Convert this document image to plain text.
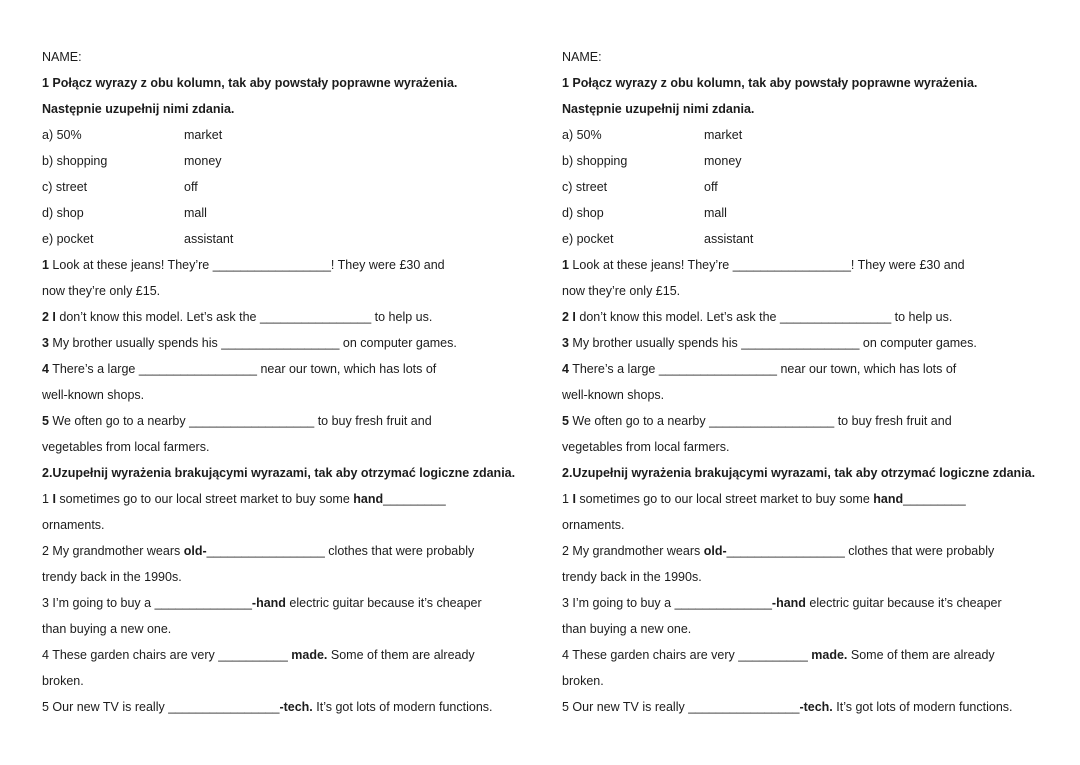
NAME:
1 Połącz wyrazy z obu kolumn, tak aby powstały poprawne wyrażenia.
Następnie uzupełnij nimi zdania.
a) 50%	market
b) shopping	money
c) street	off
d) shop	mall
e) pocket	assistant
1 Look at these jeans! They’re _________________! They were £30 and
now they’re only £15.
2 I don’t know this model. Let’s ask the ________________ to help us.
3 My brother usually spends his _________________ on computer games.
4 There’s a large _________________ near our town, which has lots of
well-known shops.
5 We often go to a nearby __________________ to buy fresh fruit and
vegetables from local farmers.
2.Uzupełnij wyrażenia brakującymi wyrazami, tak aby otrzymać logiczne zdania.
1 I sometimes go to our local street market to buy some hand_________
ornaments.
2 My grandmother wears old-_________________ clothes that were probably
trendy back in the 1990s.
3 I’m going to buy a ______________-hand electric guitar because it’s cheaper
than buying a new one.
4 These garden chairs are very __________ made. Some of them are already
broken.
5 Our new TV is really ________________-tech. It’s got lots of modern functions.
NAME:
1 Połącz wyrazy z obu kolumn, tak aby powstały poprawne wyrażenia.
Następnie uzupełnij nimi zdania.
a) 50%	market
b) shopping	money
c) street	off
d) shop	mall
e) pocket	assistant
1 Look at these jeans! They’re _________________! They were £30 and
now they’re only £15.
2 I don’t know this model. Let’s ask the ________________ to help us.
3 My brother usually spends his _________________ on computer games.
4 There’s a large _________________ near our town, which has lots of
well-known shops.
5 We often go to a nearby __________________ to buy fresh fruit and
vegetables from local farmers.
2.Uzupełnij wyrażenia brakującymi wyrazami, tak aby otrzymać logiczne zdania.
1 I sometimes go to our local street market to buy some hand_________
ornaments.
2 My grandmother wears old-_________________ clothes that were probably
trendy back in the 1990s.
3 I’m going to buy a ______________-hand electric guitar because it’s cheaper
than buying a new one.
4 These garden chairs are very __________ made. Some of them are already
broken.
5 Our new TV is really ________________-tech. It’s got lots of modern functions.
